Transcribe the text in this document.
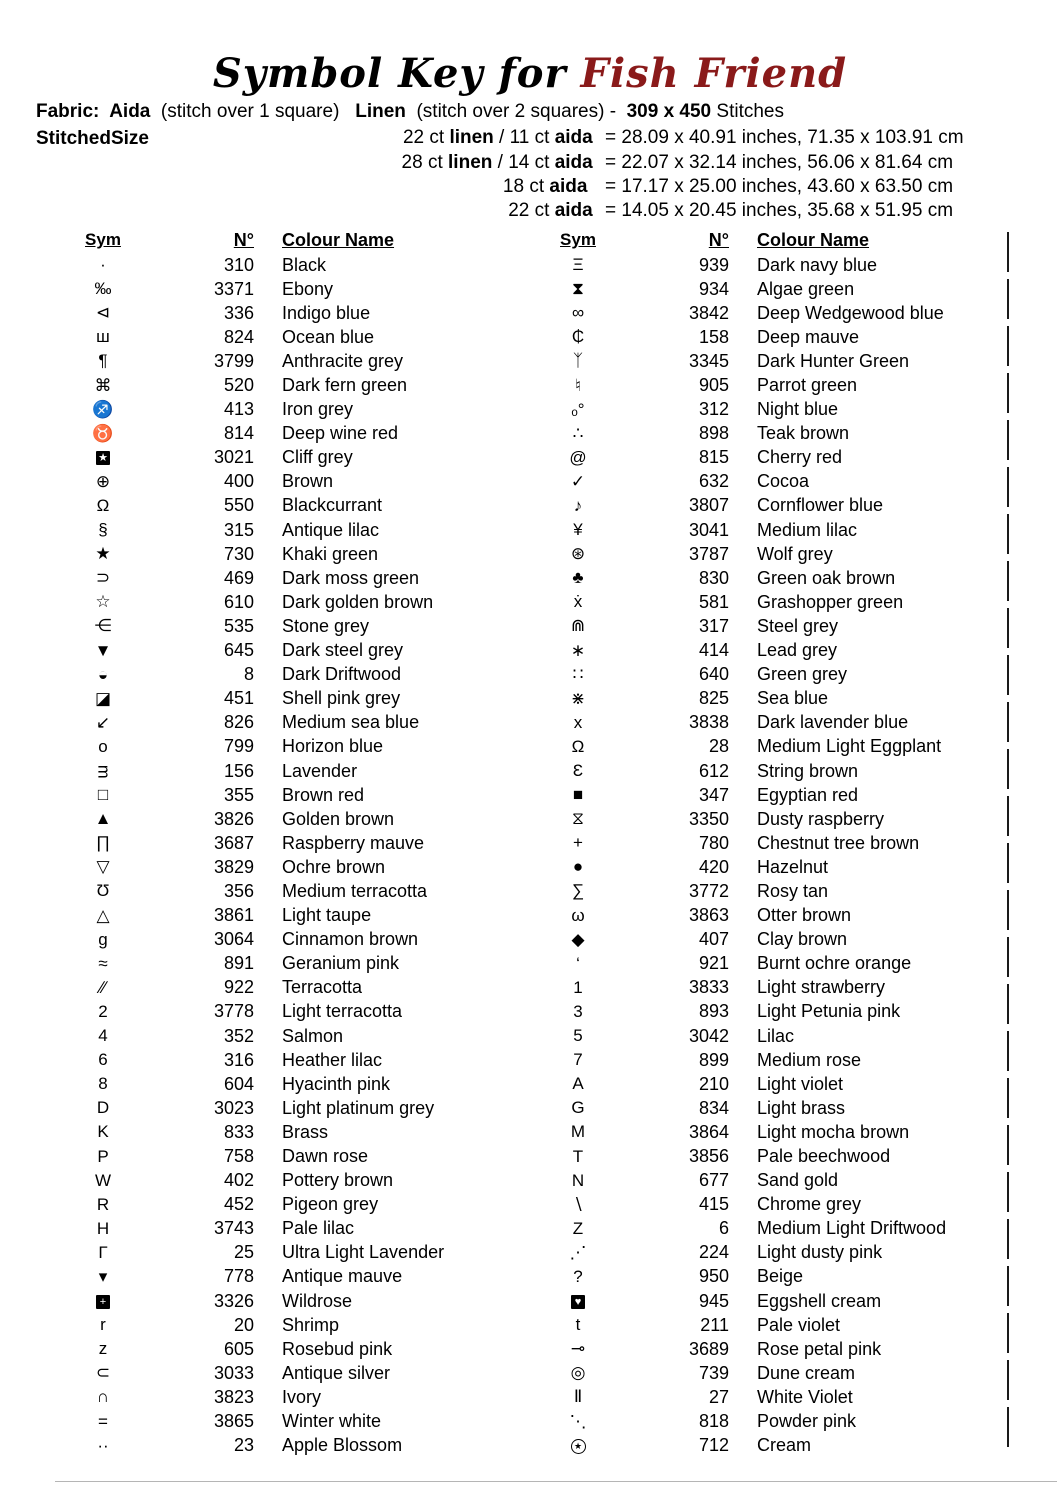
Symbol Key for Fish Friend
Fabric:  Aida  (stitch over 1 square)   Linen  (stitch over 2 squares) -  309 x 450 Stitches
StitchedSize	22 ct linen / 11 ct aida = 28.09 x 40.91 inches, 71.35 x 103.91 cm
28 ct linen / 14 ct aida = 22.07 x 32.14 inches, 56.06 x 81.64 cm
18 ct aida = 17.17 x 25.00 inches, 43.60 x 63.50 cm
22 ct aida = 14.05 x 20.45 inches, 35.68 x 51.95 cm
Sym	N° Colour Name
·	310 Black
‰	3371 Ebony
⊲	336 Indigo blue
ш	824 Ocean blue
¶	3799 Anthracite grey
⌘	520 Dark fern green
♐	413 Iron grey
♉	814 Deep wine red
★	3021 Cliff grey
⊕	400 Brown
Ω	550 Blackcurrant
§	315 Antique lilac
★	730 Khaki green
⊃	469 Dark moss green
☆	610 Dark golden brown
⋲	535 Stone grey
▼	645 Dark steel grey
◒	8 Dark Driftwood
◪	451 Shell pink grey
↙	826 Medium sea blue
o	799 Horizon blue
ᴟ	156 Lavender
□	355 Brown red
▲	3826 Golden brown
∏	3687 Raspberry mauve
▽	3829 Ochre brown
Ʊ	356 Medium terracotta
△	3861 Light taupe
g	3064 Cinnamon brown
≈	891 Geranium pink
∕∕	922 Terracotta
2	3778 Light terracotta
4	352 Salmon
6	316 Heather lilac
8	604 Hyacinth pink
D	3023 Light platinum grey
K	833 Brass
P	758 Dawn rose
W	402 Pottery brown
R	452 Pigeon grey
H	3743 Pale lilac
Γ	25 Ultra Light Lavender
▾	778 Antique mauve
+	3326 Wildrose
r	20 Shrimp
z	605 Rosebud pink
⊂	3033 Antique silver
∩	3823 Ivory
=	3865 Winter white
··	23 Apple Blossom
Sym	N° Colour Name
Ξ	939 Dark navy blue
⧗	934 Algae green
∞	3842 Deep Wedgewood blue
₵	158 Deep mauve
ᛉ	3345 Dark Hunter Green
♮	905 Parrot green
ₒ°	312 Night blue
∴	898 Teak brown
@	815 Cherry red
✓	632 Cocoa
♪	3807 Cornflower blue
¥	3041 Medium lilac
⊛	3787 Wolf grey
♣	830 Green oak brown
ẋ	581 Grashopper green
⋒	317 Steel grey
∗	414 Lead grey
∷	640 Green grey
⋇	825 Sea blue
x	3838 Dark lavender blue
Ω	28 Medium Light Eggplant
Ɛ	612 String brown
■	347 Egyptian red
⧖	3350 Dusty raspberry
+	780 Chestnut tree brown
●	420 Hazelnut
∑	3772 Rosy tan
ω	3863 Otter brown
◆	407 Clay brown
‘	921 Burnt ochre orange
1	3833 Light strawberry
3	893 Light Petunia pink
5	3042 Lilac
7	899 Medium rose
A	210 Light violet
G	834 Light brass
M	3864 Light mocha brown
T	3856 Pale beechwood
N	677 Sand gold
∖	415 Chrome grey
Z	6 Medium Light Driftwood
⋰	224 Light dusty pink
?	950 Beige
♥	945 Eggshell cream
t	211 Pale violet
⊸	3689 Rose petal pink
◎	739 Dune cream
Ⅱ	27 White Violet
⋱	818 Powder pink
★	712 Cream
